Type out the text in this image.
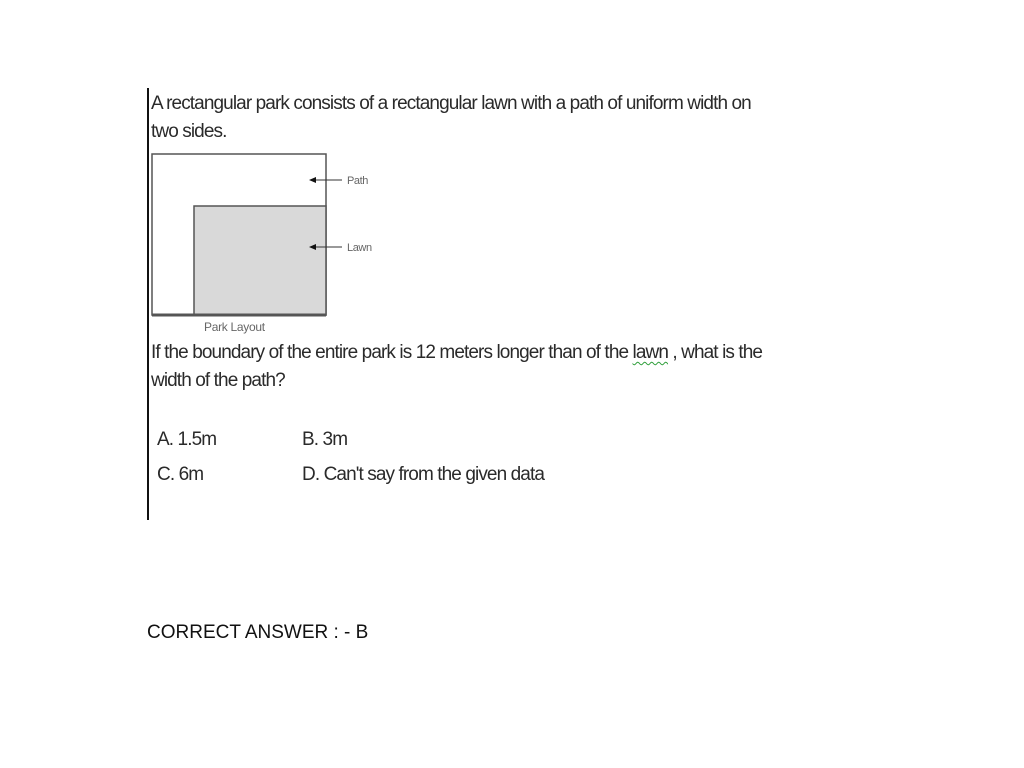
A rectangular park consists of a rectangular lawn with a path of uniform width on
two sides.
Path
Lawn
Park Layout
If the boundary of the entire park is 12 meters longer than of the lawn , what is the
width of the path?
A. 1.5m	B. 3m
C. 6m	D. Can't say from the given data
CORRECT ANSWER : - B
